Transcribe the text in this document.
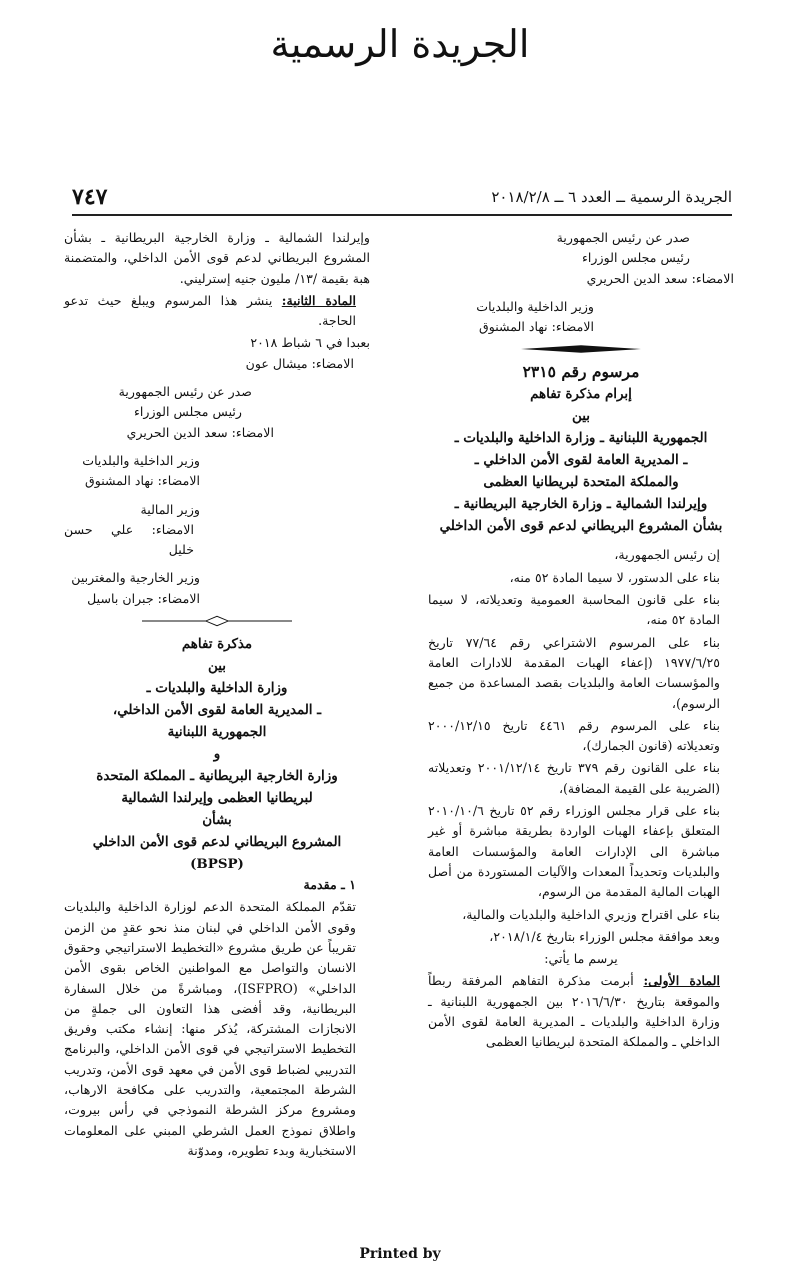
الجريدة الرسمية
الجريدة الرسمية ــ العدد ٦ ــ ٢٠١٨/٢/٨
٧٤٧

صدر عن رئيس الجمهورية

رئيس مجلس الوزراء

الامضاء: سعد الدين الحريري

وزير الداخلية والبلديات

الامضاء: نهاد المشنوق

مرسوم رقم ٢٣١٥

إبرام مذكرة تفاهم

بين

الجمهورية اللبنانية ـ وزارة الداخلية والبلديات ـ

ـ المديرية العامة لقوى الأمن الداخلي ـ

والمملكة المتحدة لبريطانيا العظمى

وإيرلندا الشمالية ـ وزارة الخارجية البريطانية ـ

بشأن المشروع البريطاني لدعم قوى الأمن الداخلي

إن رئيس الجمهورية،

بناء على الدستور، لا سيما المادة ٥٢ منه،

بناء على قانون المحاسبة العمومية وتعديلاته، لا سيما المادة ٥٢ منه،

بناء على المرسوم الاشتراعي رقم ٧٧/٦٤ تاريخ ١٩٧٧/٦/٢٥ (إعفاء الهبات المقدمة للادارات العامة والمؤسسات العامة والبلديات بقصد المساعدة من جميع الرسوم)،

بناء على المرسوم رقم ٤٤٦١ تاريخ ٢٠٠٠/١٢/١٥ وتعديلاته (قانون الجمارك)،

بناء على القانون رقم ٣٧٩ تاريخ ٢٠٠١/١٢/١٤ وتعديلاته (الضريبة على القيمة المضافة)،

بناء على قرار مجلس الوزراء رقم ٥٢ تاريخ ٢٠١٠/١٠/٦ المتعلق بإعفاء الهبات الواردة بطريقة مباشرة أو غير مباشرة الى الإدارات العامة والمؤسسات العامة والبلديات وتحديداً المعدات والآليات المستوردة من أصل الهبات المالية المقدمة من الرسوم،

بناء على اقتراح وزيري الداخلية والبلديات والمالية،

وبعد موافقة مجلس الوزراء بتاريخ ٢٠١٨/١/٤،

يرسم ما يأتي:

المادة الأولى: أبرمت مذكرة التفاهم المرفقة ربطاً والموقعة بتاريخ ٢٠١٦/٦/٣٠ بين الجمهورية اللبنانية ـ وزارة الداخلية والبلديات ـ المديرية العامة لقوى الأمن الداخلي ـ والمملكة المتحدة لبريطانيا العظمى

وإيرلندا الشمالية ـ وزارة الخارجية البريطانية ـ بشأن المشروع البريطاني لدعم قوى الأمن الداخلي، والمتضمنة هبة بقيمة /١٣/ مليون جنيه إسترليني.

المادة الثانية: ينشر هذا المرسوم ويبلغ حيث تدعو الحاجة.

بعبدا في ٦ شباط ٢٠١٨

الامضاء: ميشال عون

صدر عن رئيس الجمهورية

رئيس مجلس الوزراء

الامضاء: سعد الدين الحريري

وزير الداخلية والبلديات

الامضاء: نهاد المشنوق

وزير المالية

الامضاء: علي حسن خليل

وزير الخارجية والمغتربين

الامضاء: جبران باسيل

مذكرة تفاهم

بين

وزارة الداخلية والبلديات ـ

ـ المديرية العامة لقوى الأمن الداخلي،

الجمهورية اللبنانية

و

وزارة الخارجية البريطانية ـ المملكة المتحدة

لبريطانيا العظمى وإيرلندا الشمالية

بشأن

المشروع البريطاني لدعم قوى الأمن الداخلي

(BPSP)

١ ـ مقدمة

تقدّم المملكة المتحدة الدعم لوزارة الداخلية والبلديات وقوى الأمن الداخلي في لبنان منذ نحو عقدٍ من الزمن تقريباً عن طريق مشروع «التخطيط الاستراتيجي وحقوق الانسان والتواصل مع المواطنين الخاص بقوى الأمن الداخلي» (ISFPRO)، ومباشرةً من خلال السفارة البريطانية، وقد أفضى هذا التعاون الى جملةٍ من الانجازات المشتركة، يُذكر منها: إنشاء مكتب وفريق التخطيط الاستراتيجي في قوى الأمن الداخلي، والبرنامج التدريبي لضباط قوى الأمن في معهد قوى الأمن، وتدريب الشرطة المجتمعية، والتدريب على مكافحة الارهاب، ومشروع مركز الشرطة النموذجي في رأس بيروت، واطلاق نموذج العمل الشرطي المبني على المعلومات الاستخبارية وبدء تطويره، ومدوّنة

Printed by
